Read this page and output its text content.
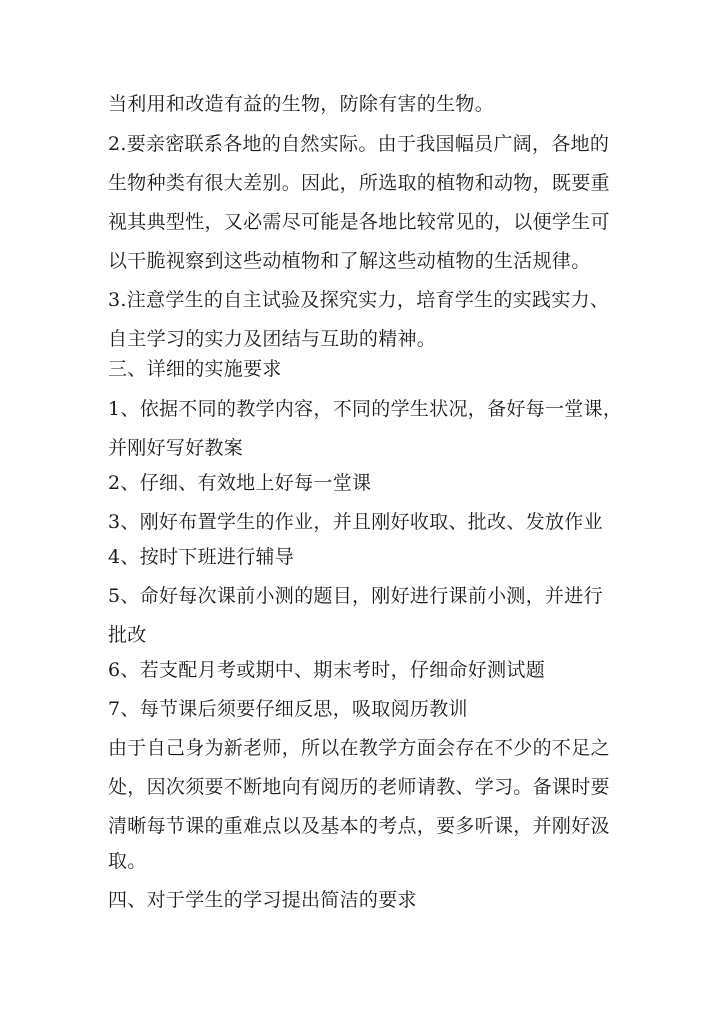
当利用和改造有益的生物，防除有害的生物。

2.要亲密联系各地的自然实际。由于我国幅员广阔，各地的

生物种类有很大差别。因此，所选取的植物和动物，既要重

视其典型性，又必需尽可能是各地比较常见的，以便学生可

以干脆视察到这些动植物和了解这些动植物的生活规律。

3.注意学生的自主试验及探究实力，培育学生的实践实力、

自主学习的实力及团结与互助的精神。

三、详细的实施要求

1、依据不同的教学内容，不同的学生状况，备好每一堂课，

并刚好写好教案

2、仔细、有效地上好每一堂课

3、刚好布置学生的作业，并且刚好收取、批改、发放作业

4、按时下班进行辅导

5、命好每次课前小测的题目，刚好进行课前小测，并进行

批改

6、若支配月考或期中、期末考时，仔细命好测试题

7、每节课后须要仔细反思，吸取阅历教训

由于自己身为新老师，所以在教学方面会存在不少的不足之

处，因次须要不断地向有阅历的老师请教、学习。备课时要

清晰每节课的重难点以及基本的考点，要多听课，并刚好汲

取。

四、对于学生的学习提出简洁的要求
